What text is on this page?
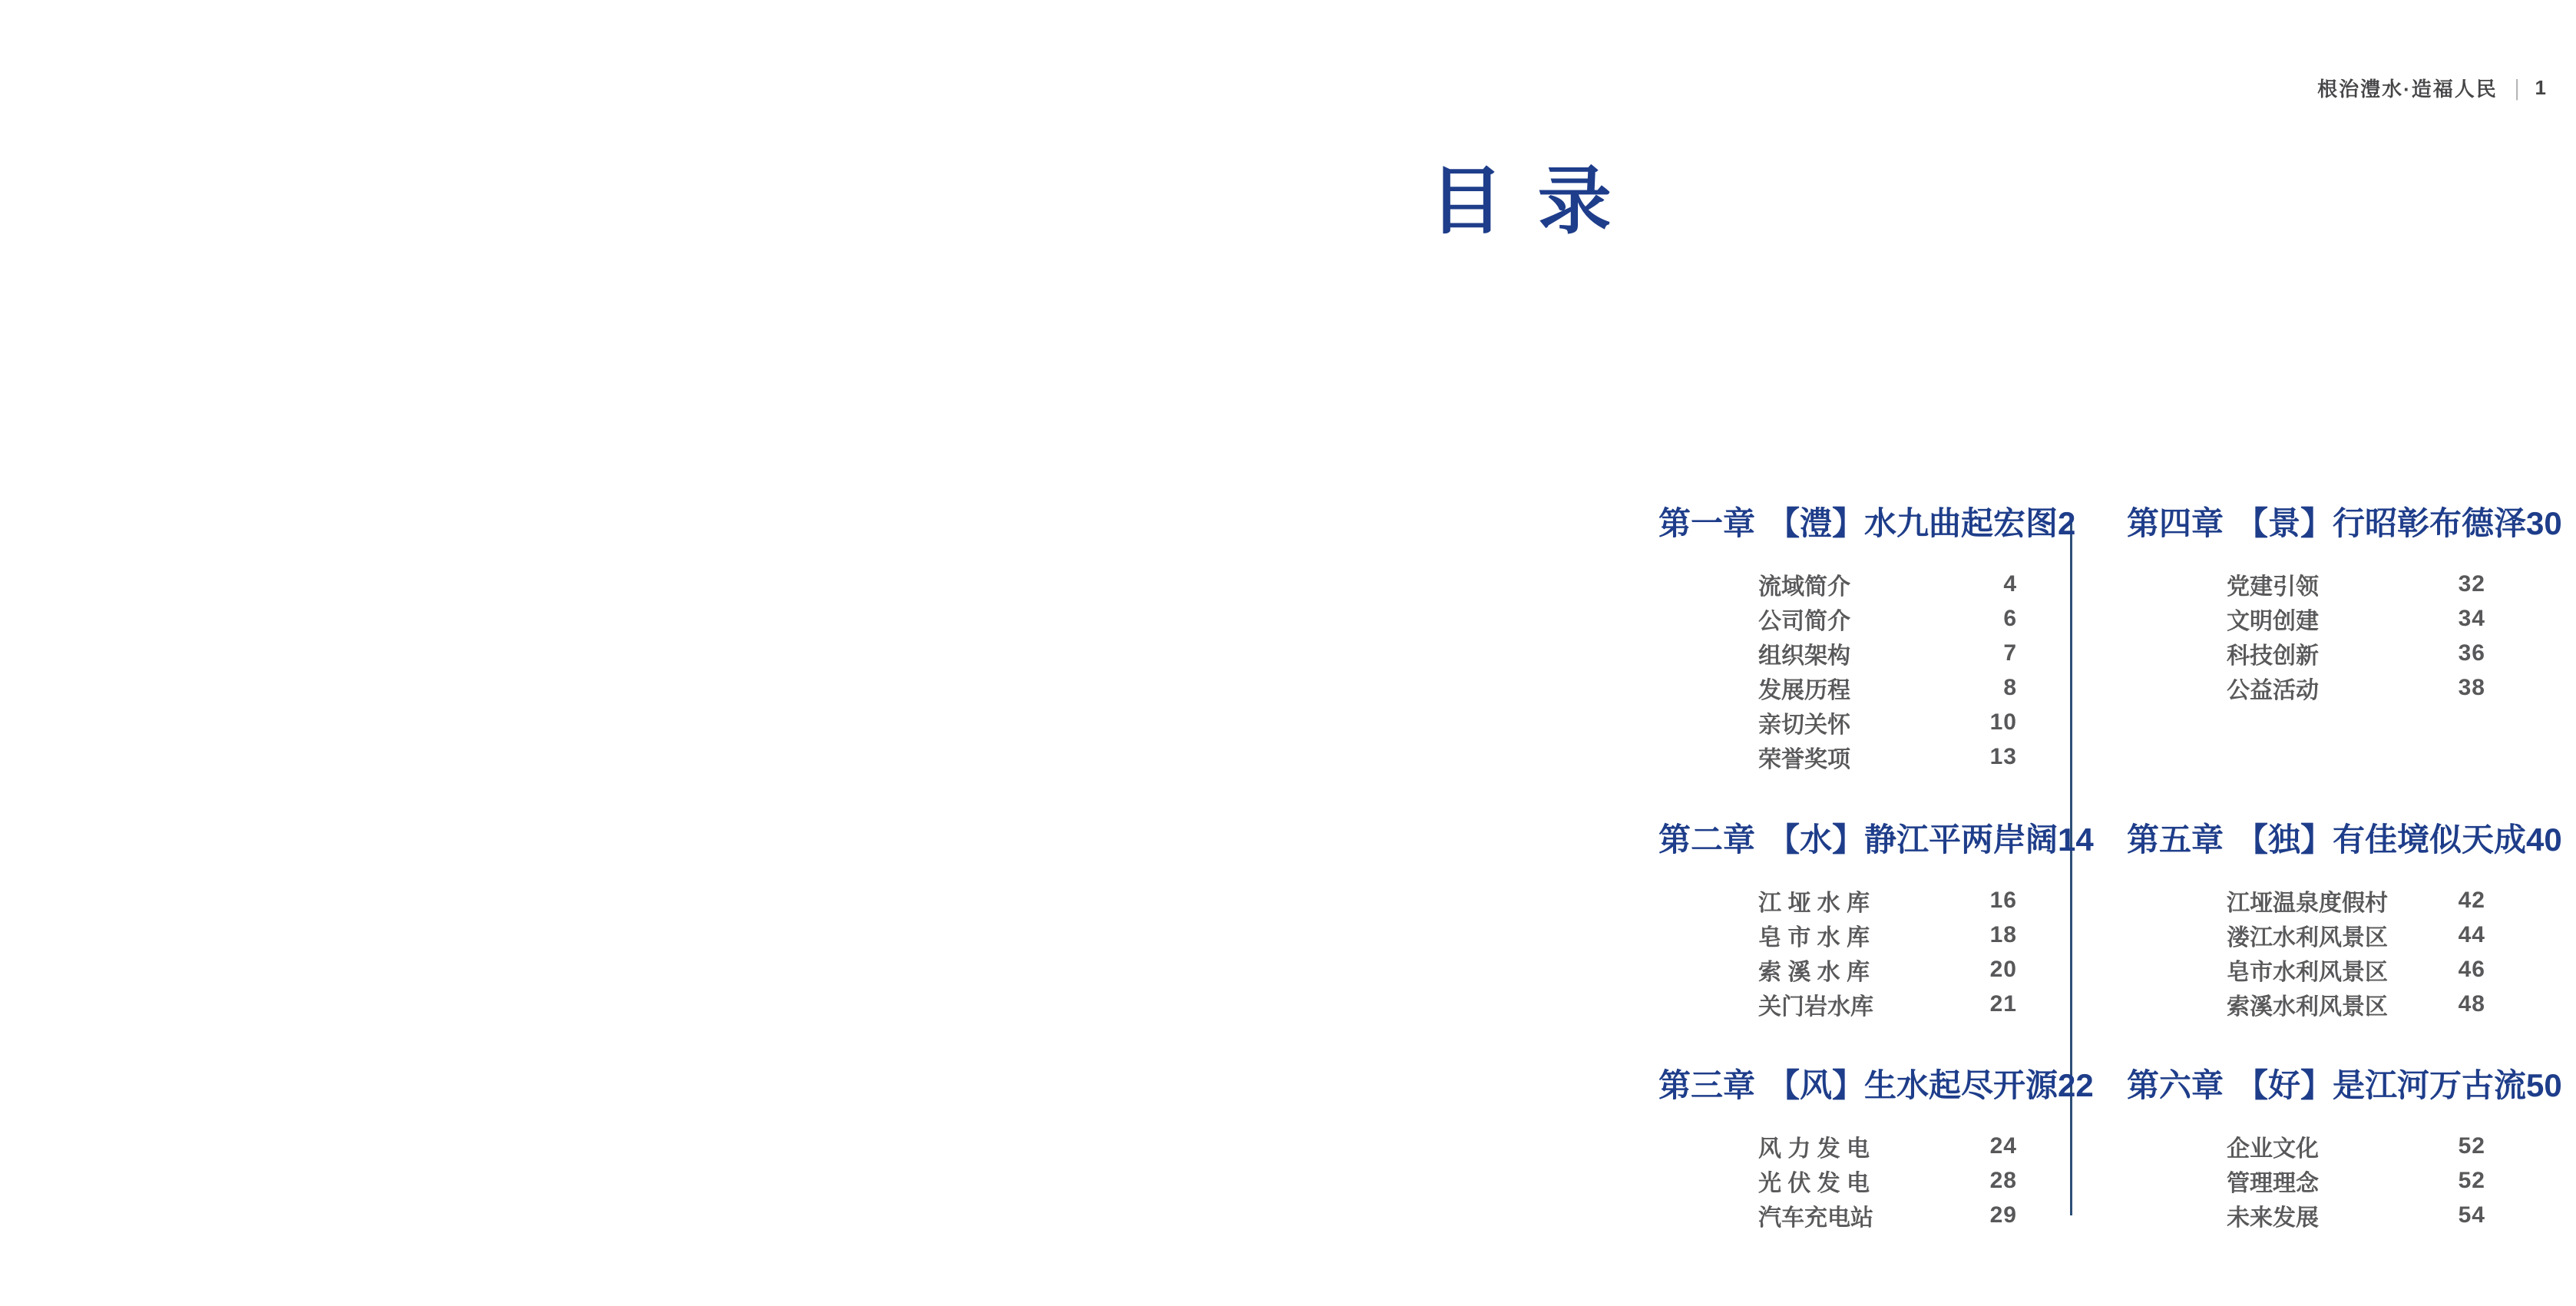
根治澧水·造福人民 | 1
目 录
第一章 【澧】水九曲起宏图 2
流域简介	4
公司简介	6
组织架构	7
发展历程	8
亲切关怀	10
荣誉奖项	13
第二章 【水】静江平两岸阔 14
江 垭 水 库	16
皂 市 水 库	18
索 溪 水 库	20
关门岩水库	21
第三章 【风】生水起尽开源 22
风 力 发 电	24
光 伏 发 电	28
汽车充电站	29
第四章 【景】行昭彰布德泽 30
党建引领	32
文明创建	34
科技创新	36
公益活动	38
第五章 【独】有佳境似天成 40
江垭温泉度假村	42
溇江水利风景区	44
皂市水利风景区	46
索溪水利风景区	48
第六章 【好】是江河万古流 50
企业文化	52
管理理念	52
未来发展	54
